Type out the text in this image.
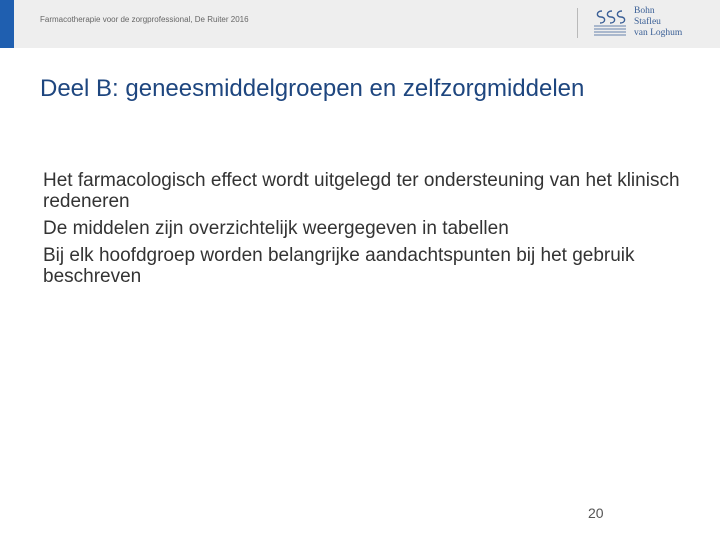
Farmacotherapie voor de zorgprofessional, De Ruiter 2016
Bohn
Stafleu
van Loghum
Deel B: geneesmiddelgroepen en zelfzorgmiddelen
Het farmacologisch effect wordt uitgelegd ter ondersteuning van het klinisch redeneren
De middelen zijn overzichtelijk weergegeven in tabellen
Bij elk hoofdgroep worden belangrijke aandachtspunten bij het gebruik beschreven
20
